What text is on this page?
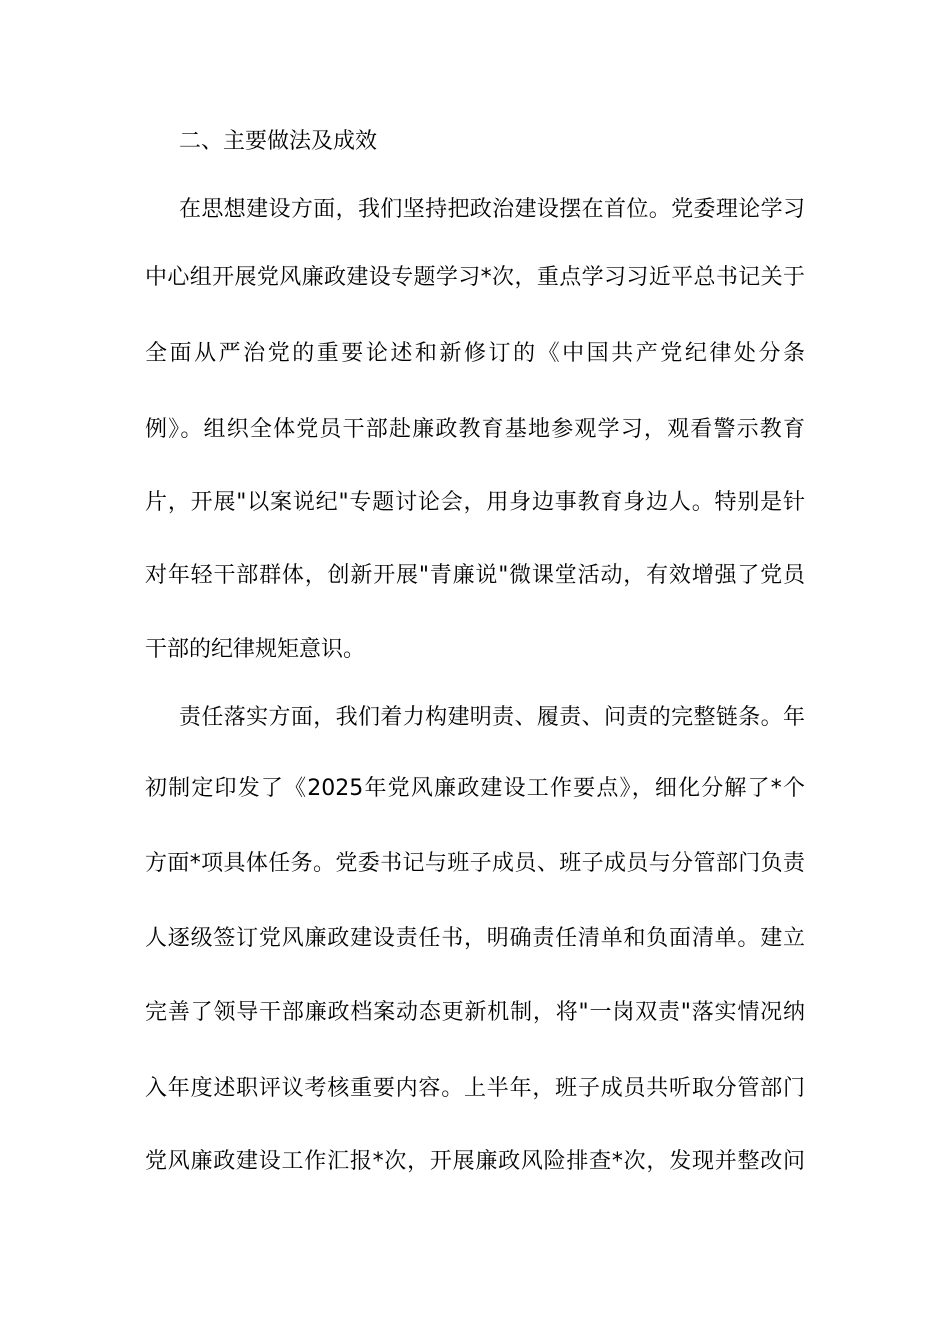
二、主要做法及成效
在思想建设方面，我们坚持把政治建设摆在首位。党委理论学习
中心组开展党风廉政建设专题学习*次，重点学习习近平总书记关于
全面从严治党的重要论述和新修订的《中国共产党纪律处分条
例》。组织全体党员干部赴廉政教育基地参观学习，观看警示教育
片，开展"以案说纪"专题讨论会，用身边事教育身边人。特别是针
对年轻干部群体，创新开展"青廉说"微课堂活动，有效增强了党员
干部的纪律规矩意识。
责任落实方面，我们着力构建明责、履责、问责的完整链条。年
初制定印发了《2025年党风廉政建设工作要点》，细化分解了*个
方面*项具体任务。党委书记与班子成员、班子成员与分管部门负责
人逐级签订党风廉政建设责任书，明确责任清单和负面清单。建立
完善了领导干部廉政档案动态更新机制，将"一岗双责"落实情况纳
入年度述职评议考核重要内容。上半年，班子成员共听取分管部门
党风廉政建设工作汇报*次，开展廉政风险排查*次，发现并整改问
